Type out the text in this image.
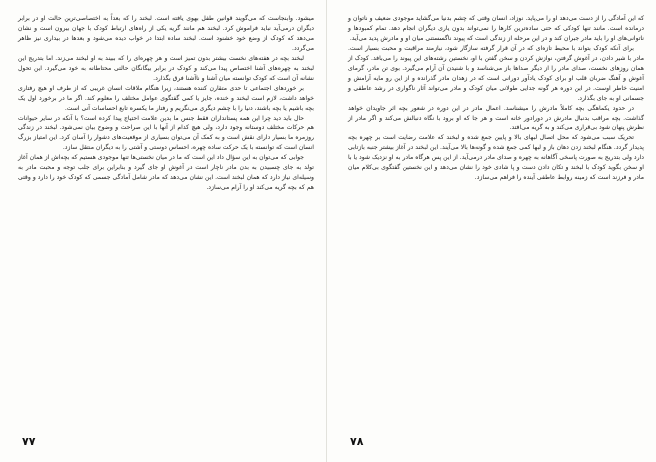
که این آمادگی را از دست می‌دهد او را می‌پاید. نوزاد، انسان وقتی که چشم بدنیا می‌گشاید موجودی ضعیف و ناتوان و درمانده است. مانند تنها کودکی که حتی ساده‌ترین کارها را نمی‌تواند بدون یاری دیگران انجام دهد. تمام کمبودها و ناتوانی‌های او را باید مادر جبران کند و در این مرحله از زندگی است که پیوند ناگسستنی میان او و مادرش پدید می‌آید.

برای آنکه کودک بتواند با محیط تازه‌ای که در آن قرار گرفته سازگار شود، نیازمند مراقبت و محبت بسیار است. مادر با شیر دادن، در آغوش گرفتن، نوازش کردن و سخن گفتن با او، نخستین رشته‌های این پیوند را می‌بافد. کودک از همان روزهای نخست، صدای مادر را از دیگر صداها باز می‌شناسد و با شنیدن آن آرام می‌گیرد. بوی تن مادر، گرمای آغوش و آهنگ ضربان قلب او برای کودک یادآور دورانی است که در زهدان مادر گذرانده و از این رو مایه آرامش و امنیت خاطر اوست. در این دوره هر گونه جدایی طولانی میان کودک و مادر می‌تواند آثار ناگواری در رشد عاطفی و جسمانی او به جای بگذارد.

در حدود یکماهگی بچه کاملاً مادرش را میشناسد. اعمال مادر در این دوره در شعور بچه اثر جاویدان خواهد گذاشت. بچه مراقب بدنبال مادرش در دورادور خانه است و هر جا که او برود با نگاه دنبالش می‌کند و اگر مادر از نظرش پنهان شود بی‌قراری می‌کند و به گریه می‌افتد.

تحریک سبب می‌شود که محل اتصال لبهای بالا و پایین جمع شده و لبخند که علامت رضایت است بر چهره بچه پدیدار گردد. هنگام لبخند زدن دهان باز و لبها کمی جمع شده و گونه‌ها بالا می‌آیند. این لبخند در آغاز بیشتر جنبه بازتابی دارد ولی بتدریج به صورت پاسخی آگاهانه به چهره و صدای مادر درمی‌آید. از این پس هرگاه مادر به او نزدیک شود یا با او سخن بگوید کودک با لبخند و تکان دادن دست و پا شادی خود را نشان می‌دهد و این نخستین گفتگوی بی‌کلام میان مادر و فرزند است که زمینه روابط عاطفی آینده را فراهم می‌سازد.

۷۸

میشود. وابنجاست که می‌گویند قوانین طفل بهوی یافته است. لبخند را که بعداً به اختصاصی‌ترین حالت او در برابر دیگران درمی‌آید نباید فراموش کرد. لبخند هم مانند گریه یکی از راه‌های ارتباط کودک با جهان بیرون است و نشان می‌دهد که کودک از وضع خود خشنود است. لبخند ساده ابتدا در خواب دیده می‌شود و بعدها در بیداری نیز ظاهر می‌گردد.

لبخند بچه در هفته‌های نخست بیشتر بدون تمیز است و هر چهره‌ای را که ببیند به او لبخند می‌زند. اما بتدریج این لبخند به چهره‌های آشنا اختصاص پیدا می‌کند و کودک در برابر بیگانگان حالتی محتاطانه به خود می‌گیرد. این تحول نشانه آن است که کودک توانسته میان آشنا و ناآشنا فرق بگذارد.

بر خوردهای اجتماعی تا حدی متقارن کننده هستند، زیرا هنگام ملاقات انسان غریبی که از طرف او هیچ رفتاری خواهد داشت، لازم است لبخند و خنده، جایز یا کمی گفتگوی عوامل مختلف را معلوم کند. اگر ما در برخورد اول یک بچه باشیم یا بچه باشند، دنیا را با چشم دیگری می‌نگریم و رفتار ما یکسره تابع احساسات آنی است.

حال باید دید چرا این همه پستانداران فقط جنس ما بدین علامت احتیاج پیدا کرده است؟ با آنکه در سایر حیوانات هم حرکات مختلف دوستانه وجود دارد، ولی هیچ کدام از آنها با این صراحت و وضوح بیان نمی‌شود. لبخند در زندگی روزمره ما بسیار دارای نقش است و به کمک آن می‌توان بسیاری از موقعیت‌های دشوار را آسان کرد. این امتیاز بزرگ انسان است که توانسته با یک حرکت ساده چهره، احساس دوستی و آشتی را به دیگران منتقل سازد.

جوابی که می‌توان به این سؤال داد این است که ما در میان نخستی‌ها تنها موجودی هستیم که بچه‌اش از همان آغاز تولد به جای چسبیدن به بدن مادر ناچار است در آغوش او جای گیرد و بنابراین برای جلب توجه و محبت مادر به وسیله‌ای نیاز دارد که همان لبخند است. این نشان می‌دهد که مادر شامل آمادگی جسمی که کودک خود را دارد و وقتی هم که بچه گریه می‌کند او را آرام می‌سازد.

۷۷
